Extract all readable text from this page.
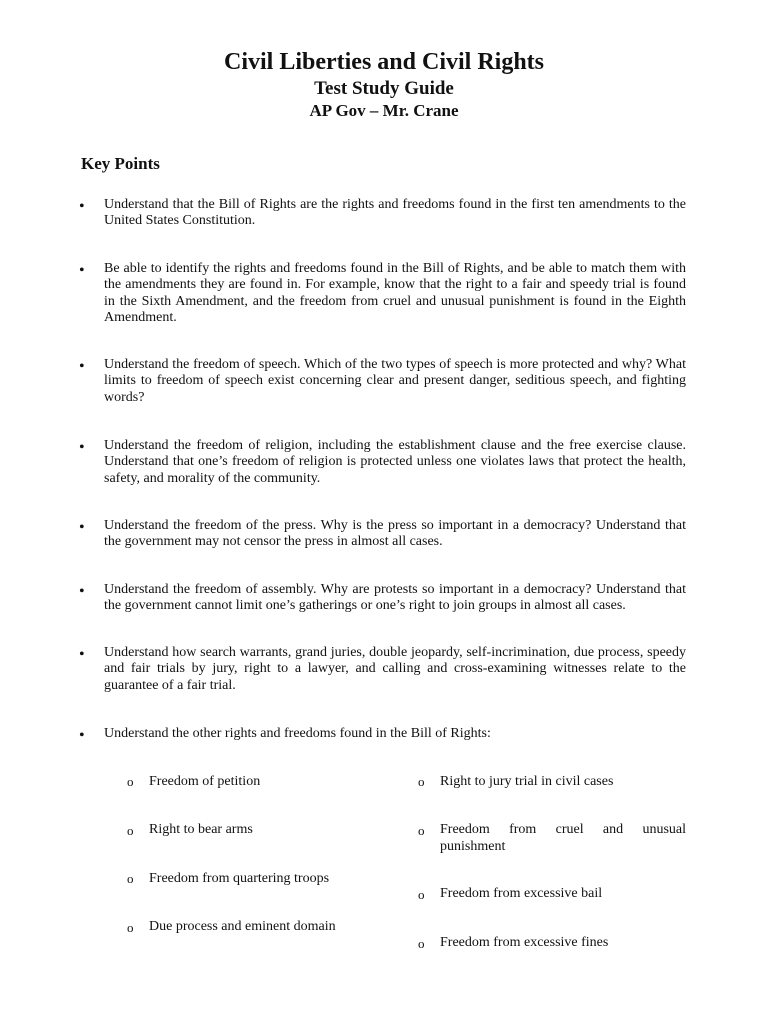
Civil Liberties and Civil Rights
Test Study Guide
AP Gov – Mr. Crane
Key Points
•	Understand that the Bill of Rights are the rights and freedoms found in the first ten amendments to the United States Constitution.

•	Be able to identify the rights and freedoms found in the Bill of Rights, and be able to match them with the amendments they are found in. For example, know that the right to a fair and speedy trial is found in the Sixth Amendment, and the freedom from cruel and unusual punishment is found in the Eighth Amendment.

•	Understand the freedom of speech. Which of the two types of speech is more protected and why? What limits to freedom of speech exist concerning clear and present danger, seditious speech, and fighting words?

•	Understand the freedom of religion, including the establishment clause and the free exercise clause. Understand that one’s freedom of religion is protected unless one violates laws that protect the health, safety, and morality of the community.

•	Understand the freedom of the press. Why is the press so important in a democracy? Understand that the government may not censor the press in almost all cases.

•	Understand the freedom of assembly. Why are protests so important in a democracy? Understand that the government cannot limit one’s gatherings or one’s right to join groups in almost all cases.

•	Understand how search warrants, grand juries, double jeopardy, self-incrimination, due process, speedy and fair trials by jury, right to a lawyer, and calling and cross-examining witnesses relate to the guarantee of a fair trial.

•	Understand the other rights and freedoms found in the Bill of Rights:

o Freedom of petition

o Right to bear arms

o Freedom from quartering troops

o Due process and eminent domain

o Right to jury trial in civil cases

o Freedom from cruel and unusual punishment

o Freedom from excessive bail

o Freedom from excessive fines
